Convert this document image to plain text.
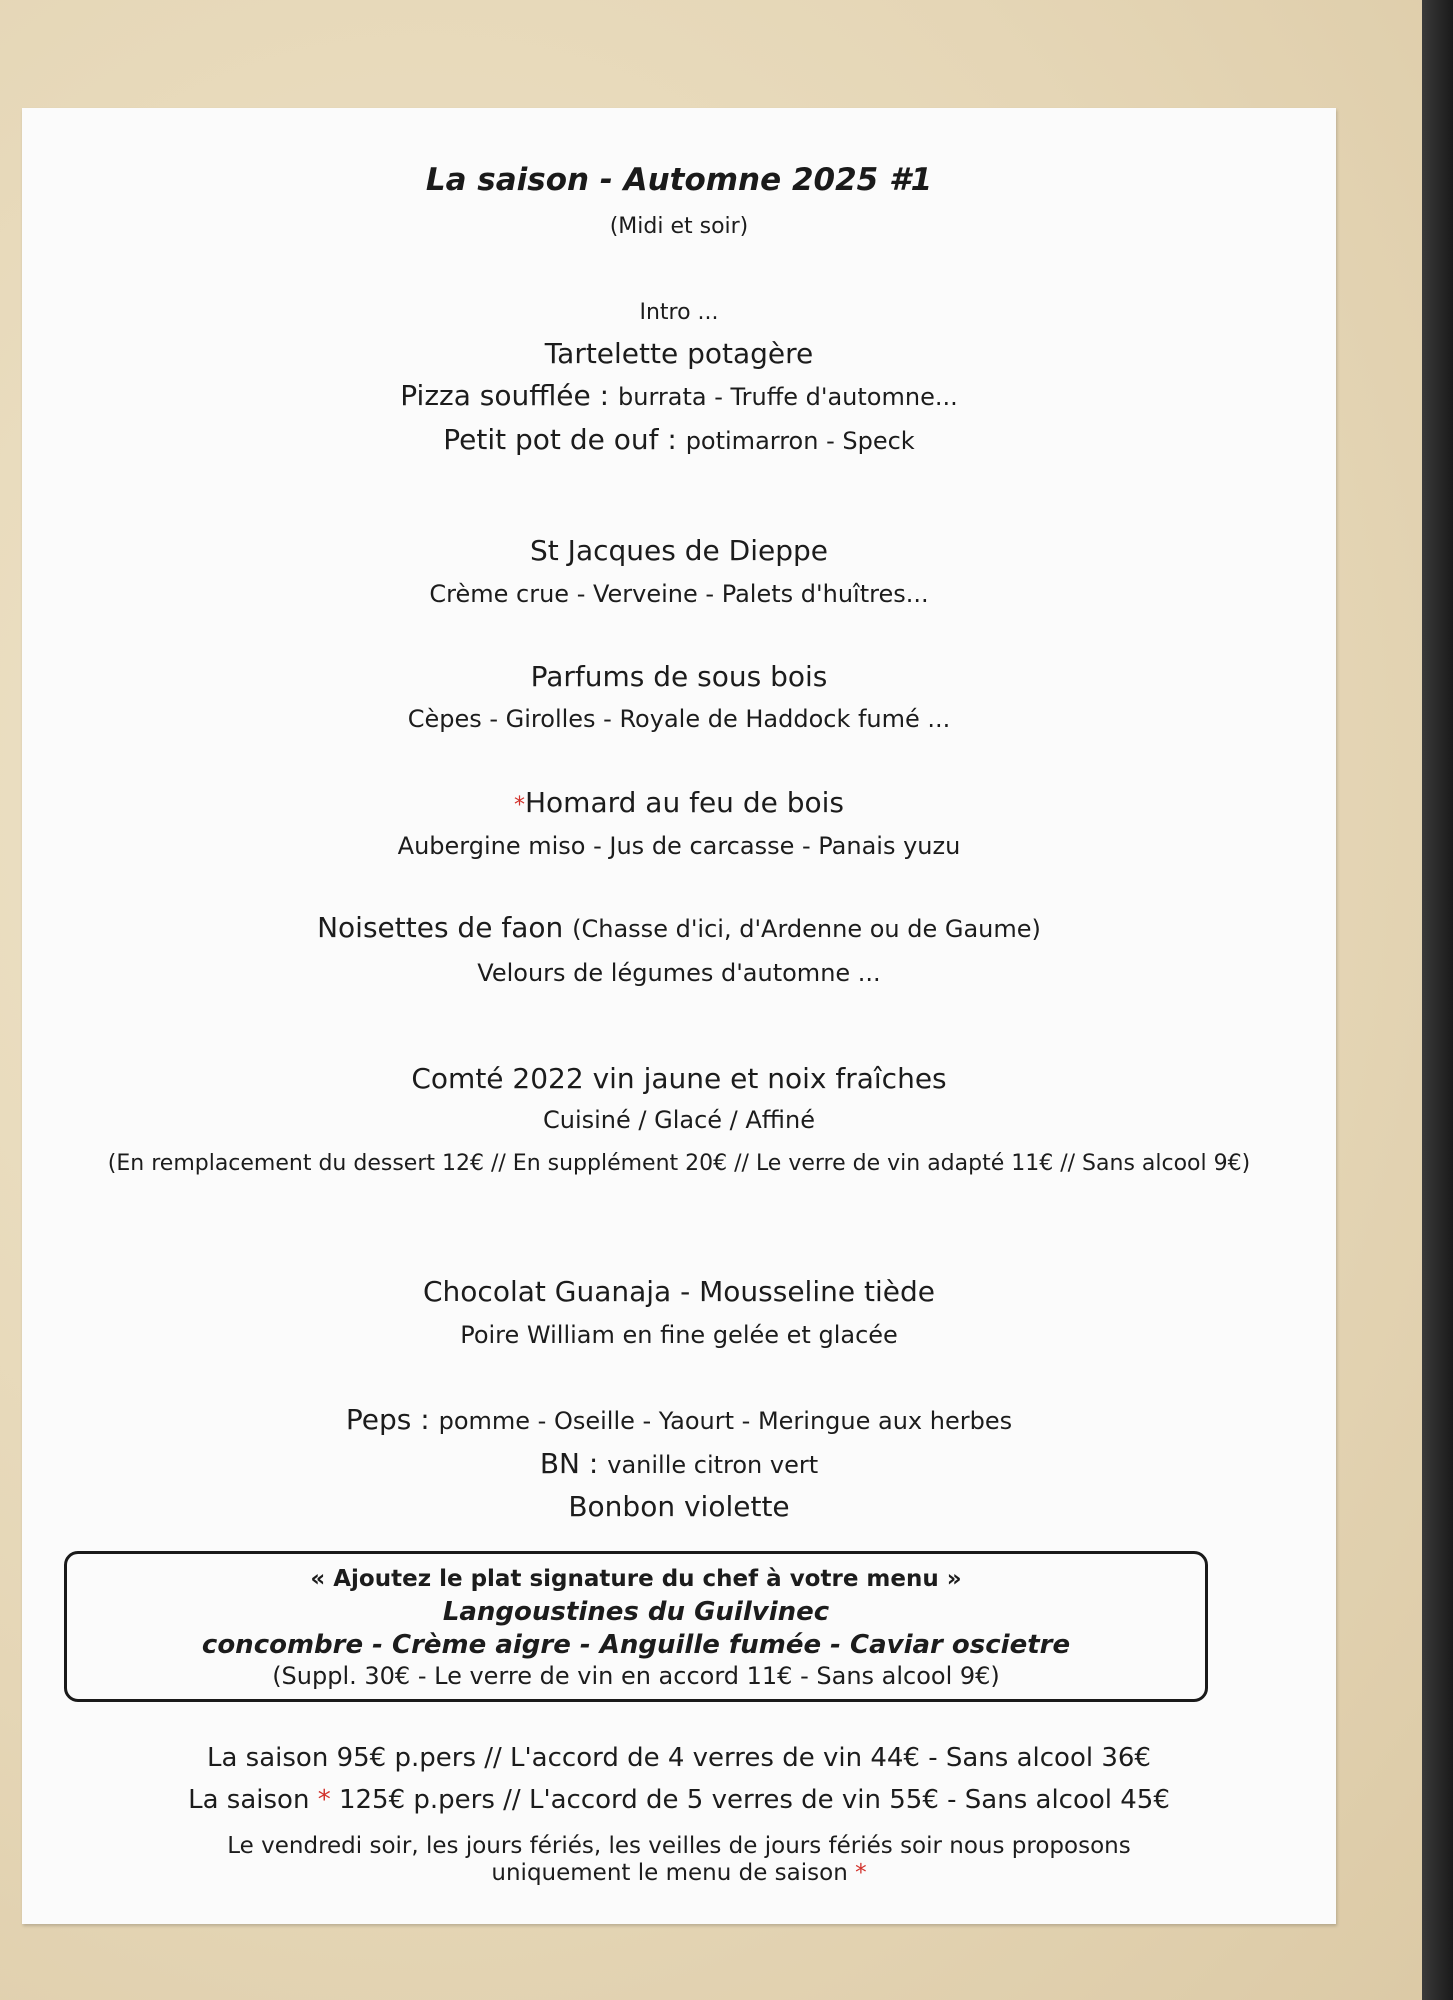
La saison - Automne 2025 #1
(Midi et soir)
Intro ...
Tartelette potagère
Pizza soufflée : burrata - Truffe d'automne...
Petit pot de ouf : potimarron - Speck
St Jacques de Dieppe
Crème crue - Verveine - Palets d'huîtres...
Parfums de sous bois
Cèpes - Girolles - Royale de Haddock fumé ...
*Homard au feu de bois
Aubergine miso - Jus de carcasse - Panais yuzu
Noisettes de faon (Chasse d'ici, d'Ardenne ou de Gaume)
Velours de légumes d'automne ...
Comté 2022 vin jaune et noix fraîches
Cuisiné / Glacé / Affiné
(En remplacement du dessert 12€ // En supplément 20€ // Le verre de vin adapté 11€ // Sans alcool 9€)
Chocolat Guanaja - Mousseline tiède
Poire William en fine gelée et glacée
Peps : pomme - Oseille - Yaourt - Meringue aux herbes
BN : vanille citron vert
Bonbon violette
« Ajoutez le plat signature du chef à votre menu »
Langoustines du Guilvinec
concombre - Crème aigre - Anguille fumée - Caviar oscietre
(Suppl. 30€ - Le verre de vin en accord 11€ - Sans alcool 9€)
La saison 95€ p.pers // L'accord de 4 verres de vin 44€ - Sans alcool 36€
La saison * 125€ p.pers // L'accord de 5 verres de vin 55€ - Sans alcool 45€
Le vendredi soir, les jours fériés, les veilles de jours fériés soir nous proposons
uniquement le menu de saison *
